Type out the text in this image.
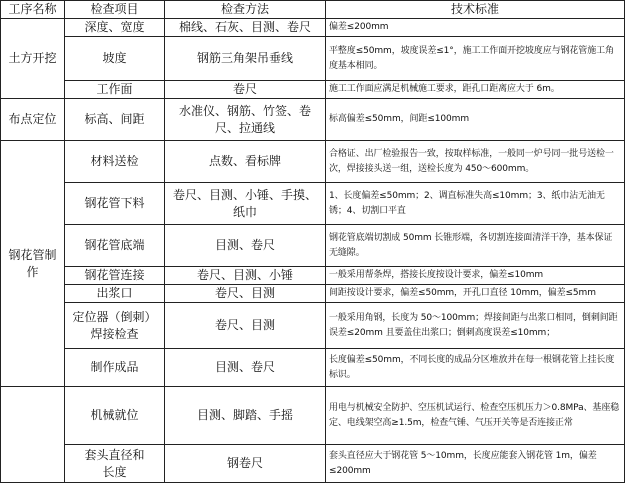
工序名称	检查项目	检查方法	技术标准
土方开挖	深度、宽度	棉线、石灰、目测、卷尺	偏差≤200mm
	坡度	钢筋三角架吊垂线	平整度≤50mm，坡度误差≤1°，施工工作面开挖坡度应与钢花管施工角度基本相同。
	工作面	卷尺	施工工作面应满足机械施工要求，距孔口距离应大于 6m。
布点定位	标高、间距	水准仪、钢筋、竹签、卷尺、拉通线	标高偏差≤50mm，间距≤100mm
钢花管制作	材料送检	点数、看标牌	合格证、出厂检验报告一致，按取样标准，一般同一炉号同一批号送检一次，焊接接头送一组，送检长度为 450～600mm。
	钢花管下料	卷尺、目测、小锤、手摸、纸巾	1、长度偏差≤50mm；2、调直标准失高≤10mm；3、纸巾沾无油无锈；4、切割口平直
	钢花管底端	目测、卷尺	钢花管底端切割成 50mm 长锥形端，各切割连接面清洋干净，基本保证无缝隙。
	钢花管连接	卷尺、目测、小锤	一般采用帮条焊，搭接长度按设计要求，偏差≤10mm
	出浆口	卷尺、目测	间距按设计要求，偏差≤50mm，开孔口直径 10mm，偏差≤5mm
	定位器（倒刺）焊接检查	卷尺、目测	一般采用角钢，长度为 50～100mm；焊接间距与出浆口相同，倒刺间距误差≤20mm 且要盖住出浆口；倒刺高度误差≤10mm；
	制作成品	目测、卷尺	长度偏差≤50mm，不同长度的成品分区堆放并在每一根钢花管上挂长度标识。
	机械就位	目测、脚踏、手摇	用电与机械安全防护、空压机试运行、检查空压机压力＞0.8MPa、基座稳定、电线架空高≥1.5m，检查气锤、气压开关等是否连接正常
	套头直径和长度	钢卷尺	套头直径应大于钢花管 5～10mm，长度应能套入钢花管 1m，偏差≤200mm
